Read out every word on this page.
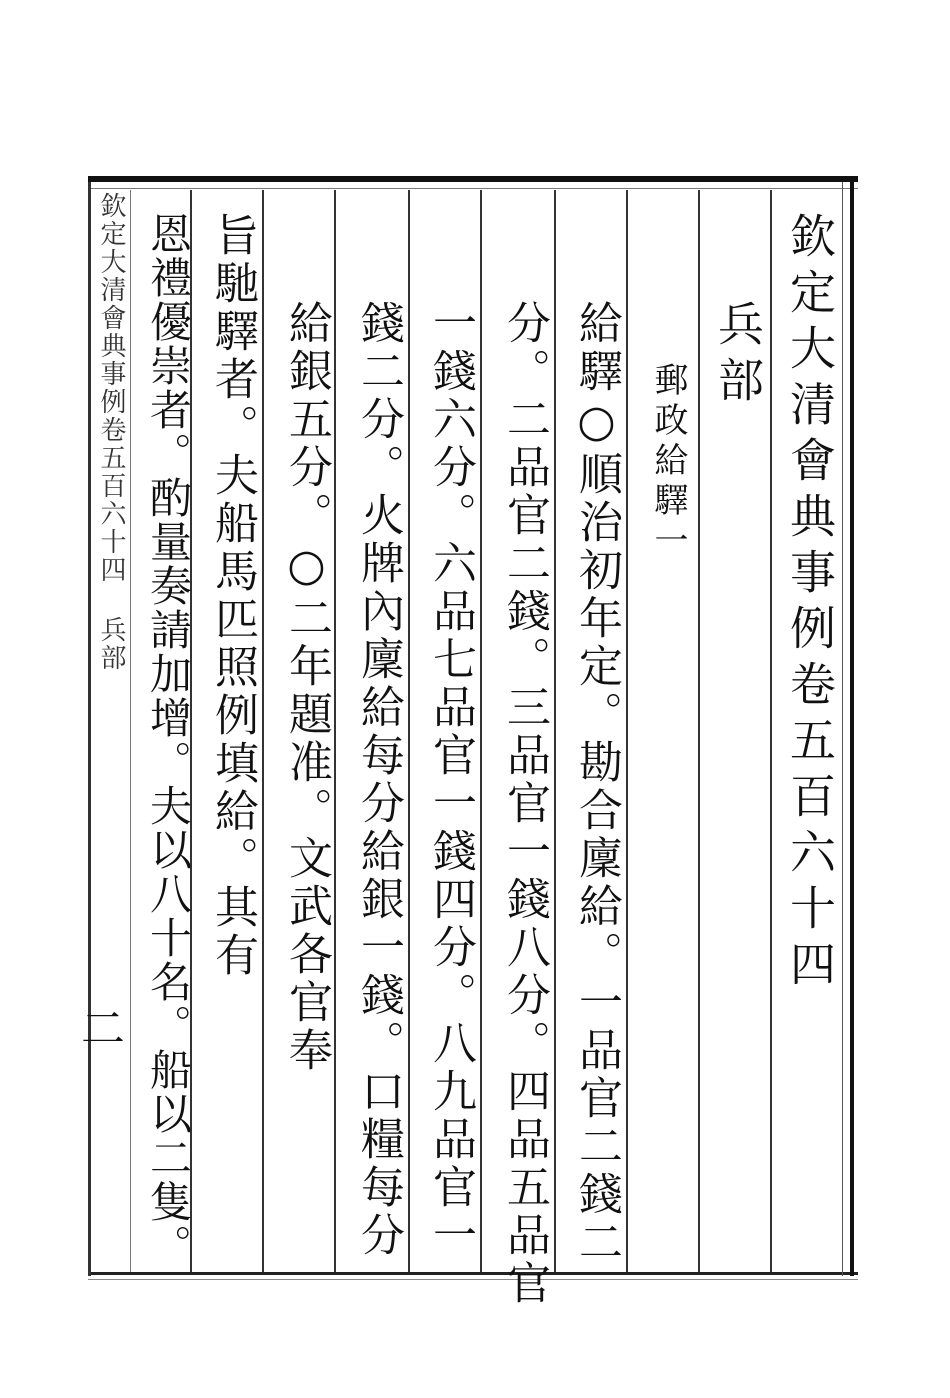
欽定大清會典事例卷五百六十四 兵部
二
欽定大清會典事例卷五百六十四
兵部
郵政給驛一
給驛○順治初年定。勘合廩給。一品官二錢二
分。二品官二錢。三品官一錢八分。四品五品官
一錢六分。六品七品官一錢四分。八九品官一
錢二分。火牌內廩給每分給銀一錢。口糧每分
給銀五分。○二年題准。文武各官奉
旨馳驛者。夫船馬匹照例填給。其有
恩禮優崇者。酌量奏請加增。夫以八十名。船以二隻。
